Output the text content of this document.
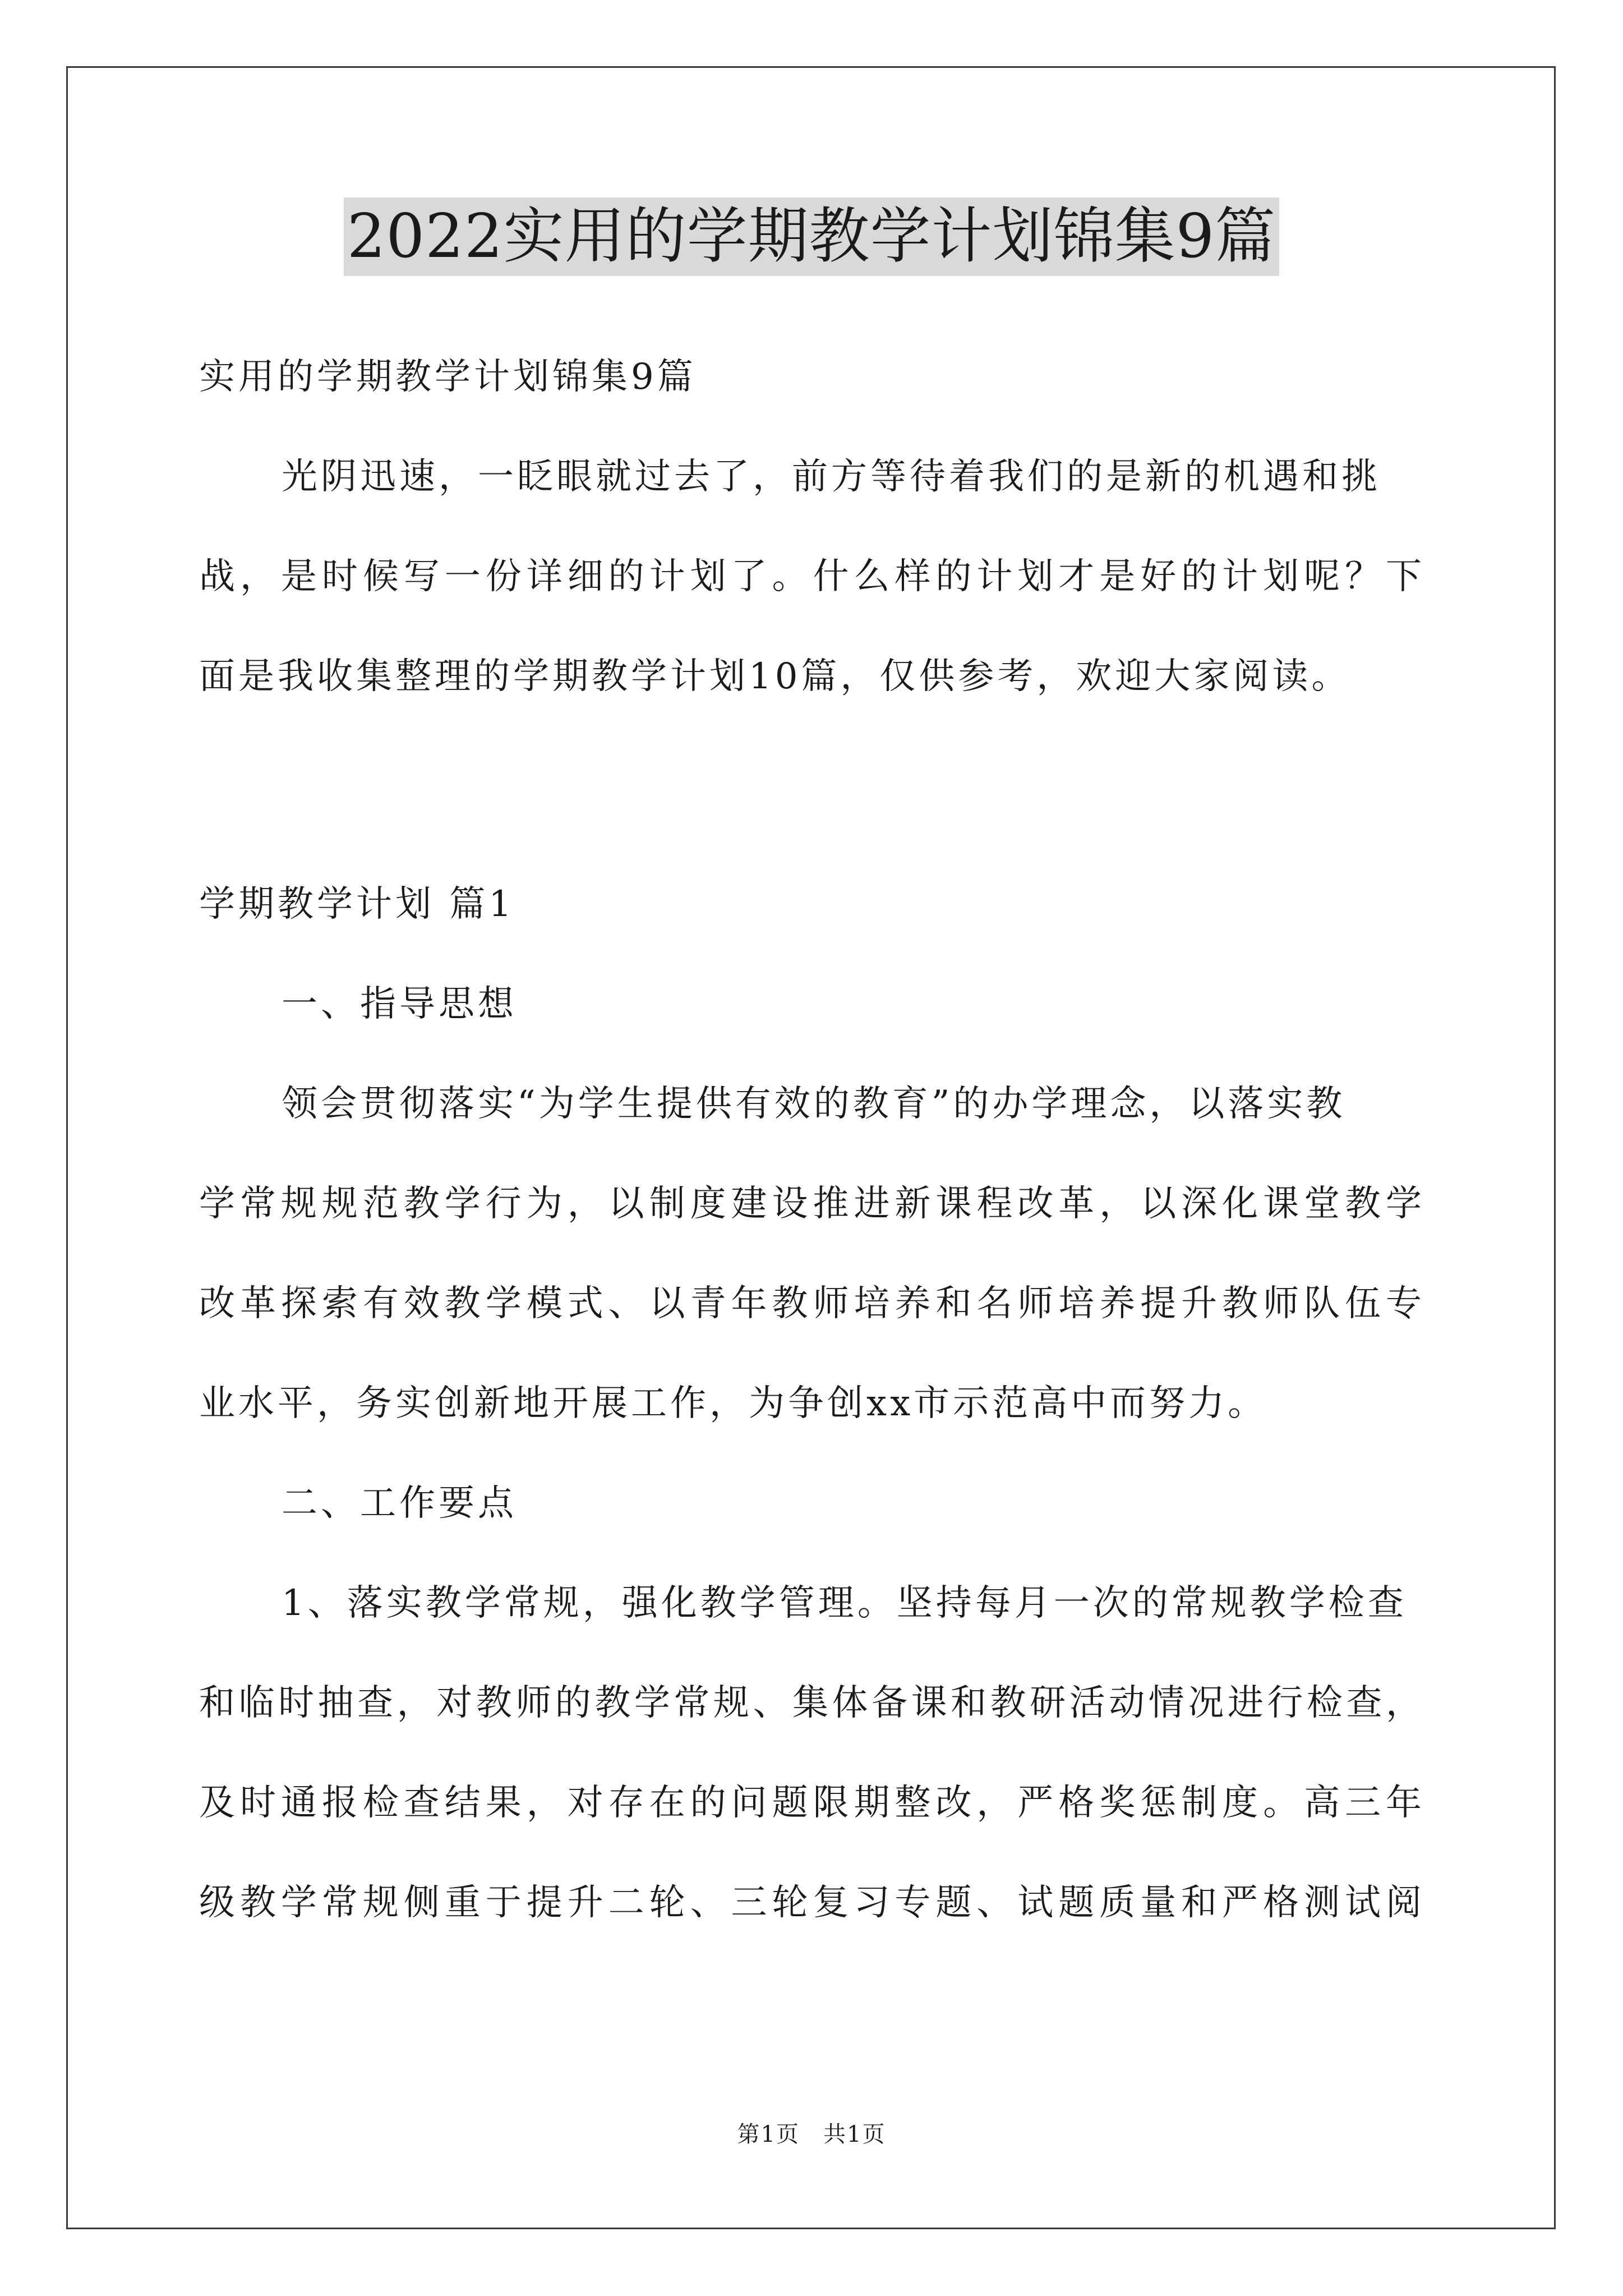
2022实用的学期教学计划锦集9篇
实用的学期教学计划锦集9篇
光阴迅速，一眨眼就过去了，前方等待着我们的是新的机遇和挑
战，是时候写一份详细的计划了。什么样的计划才是好的计划呢？下
面是我收集整理的学期教学计划10篇，仅供参考，欢迎大家阅读。
学期教学计划 篇1
一、指导思想
领会贯彻落实“为学生提供有效的教育”的办学理念，以落实教
学常规规范教学行为，以制度建设推进新课程改革，以深化课堂教学
改革探索有效教学模式、以青年教师培养和名师培养提升教师队伍专
业水平，务实创新地开展工作，为争创xx市示范高中而努力。
二、工作要点
1、落实教学常规，强化教学管理。坚持每月一次的常规教学检查
和临时抽查，对教师的教学常规、集体备课和教研活动情况进行检查，
及时通报检查结果，对存在的问题限期整改，严格奖惩制度。高三年
级教学常规侧重于提升二轮、三轮复习专题、试题质量和严格测试阅
第1页　共1页
